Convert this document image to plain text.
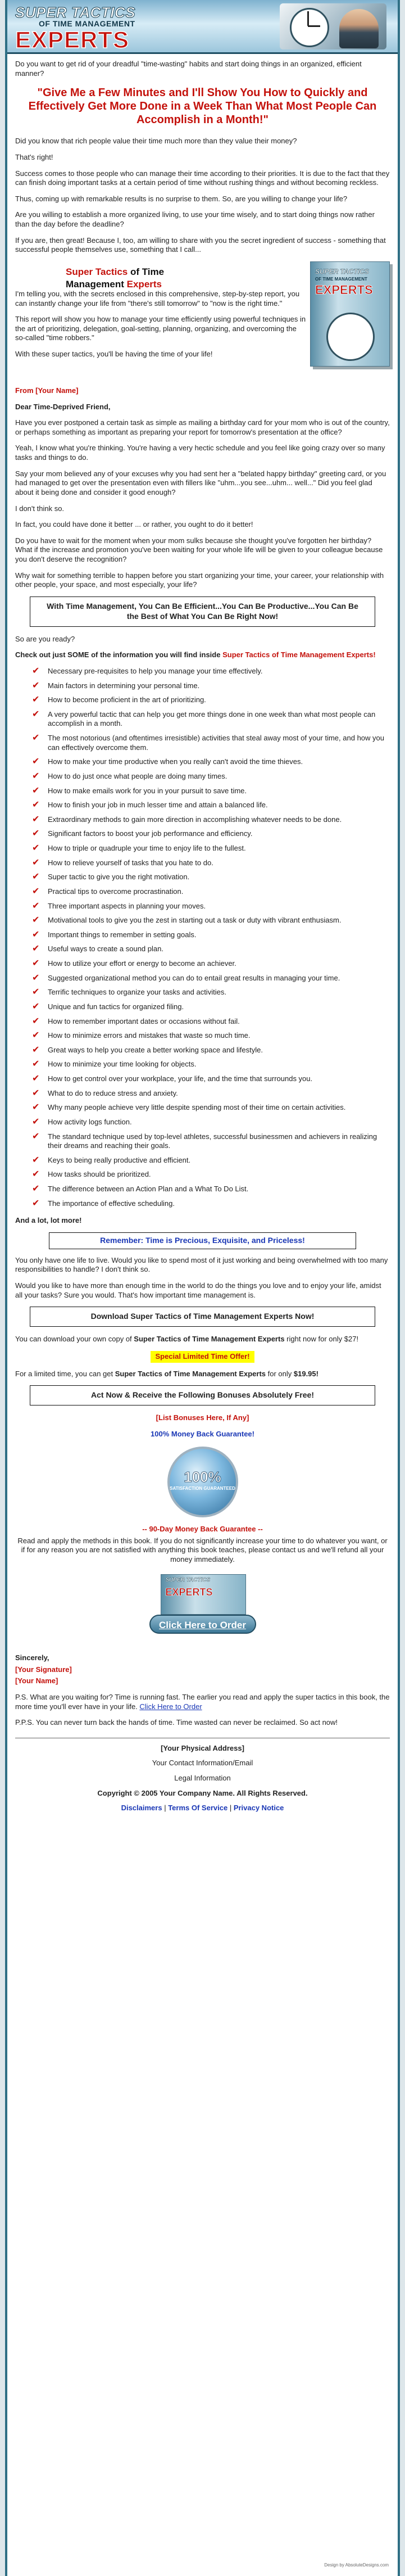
SUPER TACTICS
OF TIME MANAGEMENT
EXPERTS

Do you want to get rid of your dreadful "time-wasting" habits and start doing things in an organized, efficient manner?

"Give Me a Few Minutes and I'll Show You How to Quickly and Effectively Get More Done in a Week Than What Most People Can Accomplish in a Month!"

Did you know that rich people value their time much more than they value their money?

That's right!

Success comes to those people who can manage their time according to their priorities. It is due to the fact that they can finish doing important tasks at a certain period of time without rushing things and without becoming reckless.

Thus, coming up with remarkable results is no surprise to them. So, are you willing to change your life?

Are you willing to establish a more organized living, to use your time wisely, and to start doing things now rather than the day before the deadline?

If you are, then great! Because I, too, am willing to share with you the secret ingredient of success - something that successful people themselves use, something that I call...

Super Tactics of Time Management Experts

I'm telling you, with the secrets enclosed in this comprehensive, step-by-step report, you can instantly change your life from "there's still tomorrow" to "now is the right time."

This report will show you how to manage your time efficiently using powerful techniques in the art of prioritizing, delegation, goal-setting, planning, organizing, and overcoming the so-called "time robbers."

With these super tactics, you'll be having the time of your life!

SUPER TACTICS
OF TIME MANAGEMENT
EXPERTS

From [Your Name]

Dear Time-Deprived Friend,

Have you ever postponed a certain task as simple as mailing a birthday card for your mom who is out of the country, or perhaps something as important as preparing your report for tomorrow's presentation at the office?

Yeah, I know what you're thinking. You're having a very hectic schedule and you feel like going crazy over so many tasks and things to do.

Say your mom believed any of your excuses why you had sent her a "belated happy birthday" greeting card, or you had managed to get over the presentation even with fillers like "uhm...you see...uhm... well..." Did you feel glad about it being done and consider it good enough?

I don't think so.

In fact, you could have done it better ... or rather, you ought to do it better!

Do you have to wait for the moment when your mom sulks because she thought you've forgotten her birthday? What if the increase and promotion you've been waiting for your whole life will be given to your colleague because you don't deserve the recognition?

Why wait for something terrible to happen before you start organizing your time, your career, your relationship with other people, your space, and most especially, your life?

With Time Management, You Can Be Efficient...You Can Be Productive...You Can Be the Best of What You Can Be Right Now!

So are you ready?

Check out just SOME of the information you will find inside Super Tactics of Time Management Experts!

✔ Necessary pre-requisites to help you manage your time effectively.
✔ Main factors in determining your personal time.
✔ How to become proficient in the art of prioritizing.
✔ A very powerful tactic that can help you get more things done in one week than what most people can accomplish in a month.
✔ The most notorious (and oftentimes irresistible) activities that steal away most of your time, and how you can effectively overcome them.
✔ How to make your time productive when you really can't avoid the time thieves.
✔ How to do just once what people are doing many times.
✔ How to make emails work for you in your pursuit to save time.
✔ How to finish your job in much lesser time and attain a balanced life.
✔ Extraordinary methods to gain more direction in accomplishing whatever needs to be done.
✔ Significant factors to boost your job performance and efficiency.
✔ How to triple or quadruple your time to enjoy life to the fullest.
✔ How to relieve yourself of tasks that you hate to do.
✔ Super tactic to give you the right motivation.
✔ Practical tips to overcome procrastination.
✔ Three important aspects in planning your moves.
✔ Motivational tools to give you the zest in starting out a task or duty with vibrant enthusiasm.
✔ Important things to remember in setting goals.
✔ Useful ways to create a sound plan.
✔ How to utilize your effort or energy to become an achiever.
✔ Suggested organizational method you can do to entail great results in managing your time.
✔ Terrific techniques to organize your tasks and activities.
✔ Unique and fun tactics for organized filing.
✔ How to remember important dates or occasions without fail.
✔ How to minimize errors and mistakes that waste so much time.
✔ Great ways to help you create a better working space and lifestyle.
✔ How to minimize your time looking for objects.
✔ How to get control over your workplace, your life, and the time that surrounds you.
✔ What to do to reduce stress and anxiety.
✔ Why many people achieve very little despite spending most of their time on certain activities.
✔ How activity logs function.
✔ The standard technique used by top-level athletes, successful businessmen and achievers in realizing their dreams and reaching their goals.
✔ Keys to being really productive and efficient.
✔ How tasks should be prioritized.
✔ The difference between an Action Plan and a What To Do List.
✔ The importance of effective scheduling.

And a lot, lot more!

Remember: Time is Precious, Exquisite, and Priceless!

You only have one life to live. Would you like to spend most of it just working and being overwhelmed with too many responsibilities to handle? I don't think so.

Would you like to have more than enough time in the world to do the things you love and to enjoy your life, amidst all your tasks? Sure you would. That's how important time management is.

Download Super Tactics of Time Management Experts Now!

You can download your own copy of Super Tactics of Time Management Experts right now for only $27!

Special Limited Time Offer!

For a limited time, you can get Super Tactics of Time Management Experts for only $19.95!

Act Now & Receive the Following Bonuses Absolutely Free!

[List Bonuses Here, If Any]

100% Money Back Guarantee!

100%
SATISFACTION GUARANTEED
-- 90-Day Money Back Guarantee --

Read and apply the methods in this book. If you do not significantly increase your time to do whatever you want, or if for any reason you are not satisfied with anything this book teaches, please contact us and we'll refund all your money immediately.

SUPER TACTICS
EXPERTS
Click Here to Order Now!

Sincerely,

[Your Signature]

[Your Name]

P.S. What are you waiting for? Time is running fast. The earlier you read and apply the super tactics in this book, the more time you'll ever have in your life. Click Here to Order

P.P.S. You can never turn back the hands of time. Time wasted can never be reclaimed. So act now!

[Your Physical Address]

Your Contact Information/Email

Legal Information

Copyright © 2005 Your Company Name. All Rights Reserved.

Disclaimers | Terms Of Service | Privacy Notice

Design by AbsoluteDesigns.com
